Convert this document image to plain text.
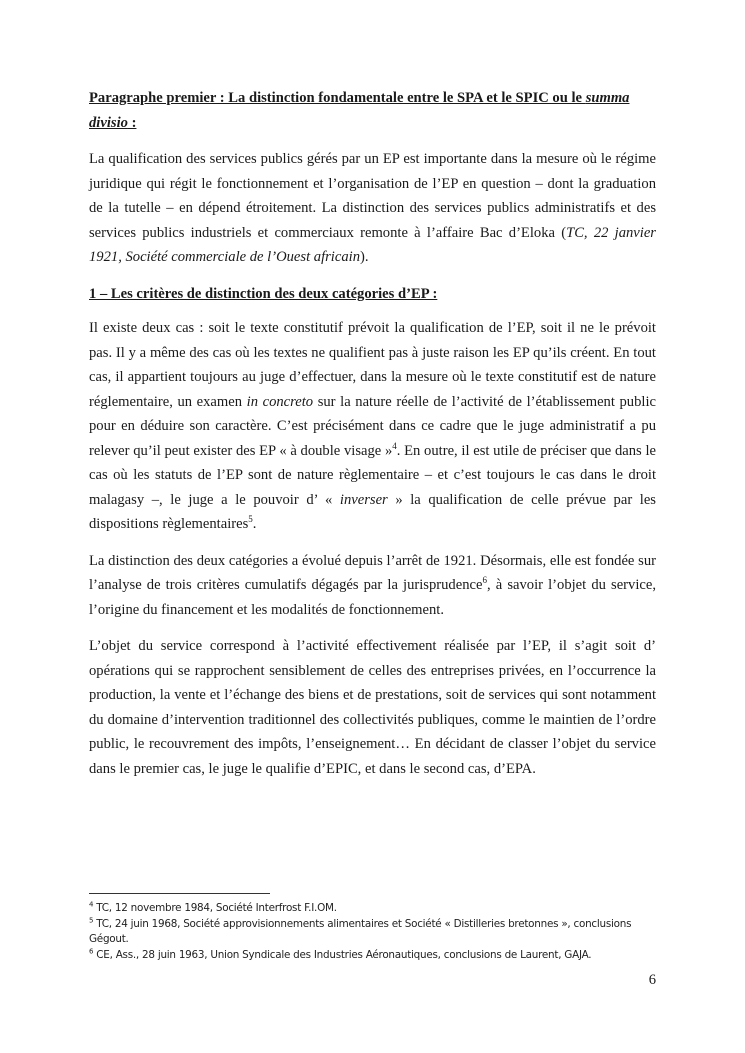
Paragraphe premier : La distinction fondamentale entre le SPA et le SPIC ou le summa divisio :

La qualification des services publics gérés par un EP est importante dans la mesure où le régime juridique qui régit le fonctionnement et l’organisation de l’EP en question – dont la graduation de la tutelle – en dépend étroitement. La distinction des services publics administratifs et des services publics industriels et commerciaux remonte à l’affaire Bac d’Eloka (TC, 22 janvier 1921, Société commerciale de l’Ouest africain).

1 – Les critères de distinction des deux catégories d’EP :

Il existe deux cas : soit le texte constitutif prévoit la qualification de l’EP, soit il ne le prévoit pas. Il y a même des cas où les textes ne qualifient pas à juste raison les EP qu’ils créent. En tout cas, il appartient toujours au juge d’effectuer, dans la mesure où le texte constitutif est de nature réglementaire, un examen in concreto sur la nature réelle de l’activité de l’établissement public pour en déduire son caractère. C’est précisément dans ce cadre que le juge administratif a pu relever qu’il peut exister des EP « à double visage »$^4$. En outre, il est utile de préciser que dans le cas où les statuts de l’EP sont de nature règlementaire – et c’est toujours le cas dans le droit malagasy –, le juge a le pouvoir d’ « inverser » la qualification de celle prévue par les dispositions règlementaires$^5$.

La distinction des deux catégories a évolué depuis l’arrêt de 1921. Désormais, elle est fondée sur l’analyse de trois critères cumulatifs dégagés par la jurisprudence$^6$, à savoir l’objet du service, l’origine du financement et les modalités de fonctionnement.

L’objet du service correspond à l’activité effectivement réalisée par l’EP, il s’agit soit d’ opérations qui se rapprochent sensiblement de celles des entreprises privées, en l’occurrence la production, la vente et l’échange des biens et de prestations, soit de services qui sont notamment du domaine d’intervention traditionnel des collectivités publiques, comme le maintien de l’ordre public, le recouvrement des impôts, l’enseignement… En décidant de classer l’objet du service dans le premier cas, le juge le qualifie d’EPIC, et dans le second cas, d’EPA.

$^4$ TC, 12 novembre 1984, Société Interfrost F.I.OM.
$^5$ TC, 24 juin 1968, Société approvisionnements alimentaires et Société « Distilleries bretonnes », conclusions Gégout.
$^6$ CE, Ass., 28 juin 1963, Union Syndicale des Industries Aéronautiques, conclusions de Laurent, GAJA.
6
